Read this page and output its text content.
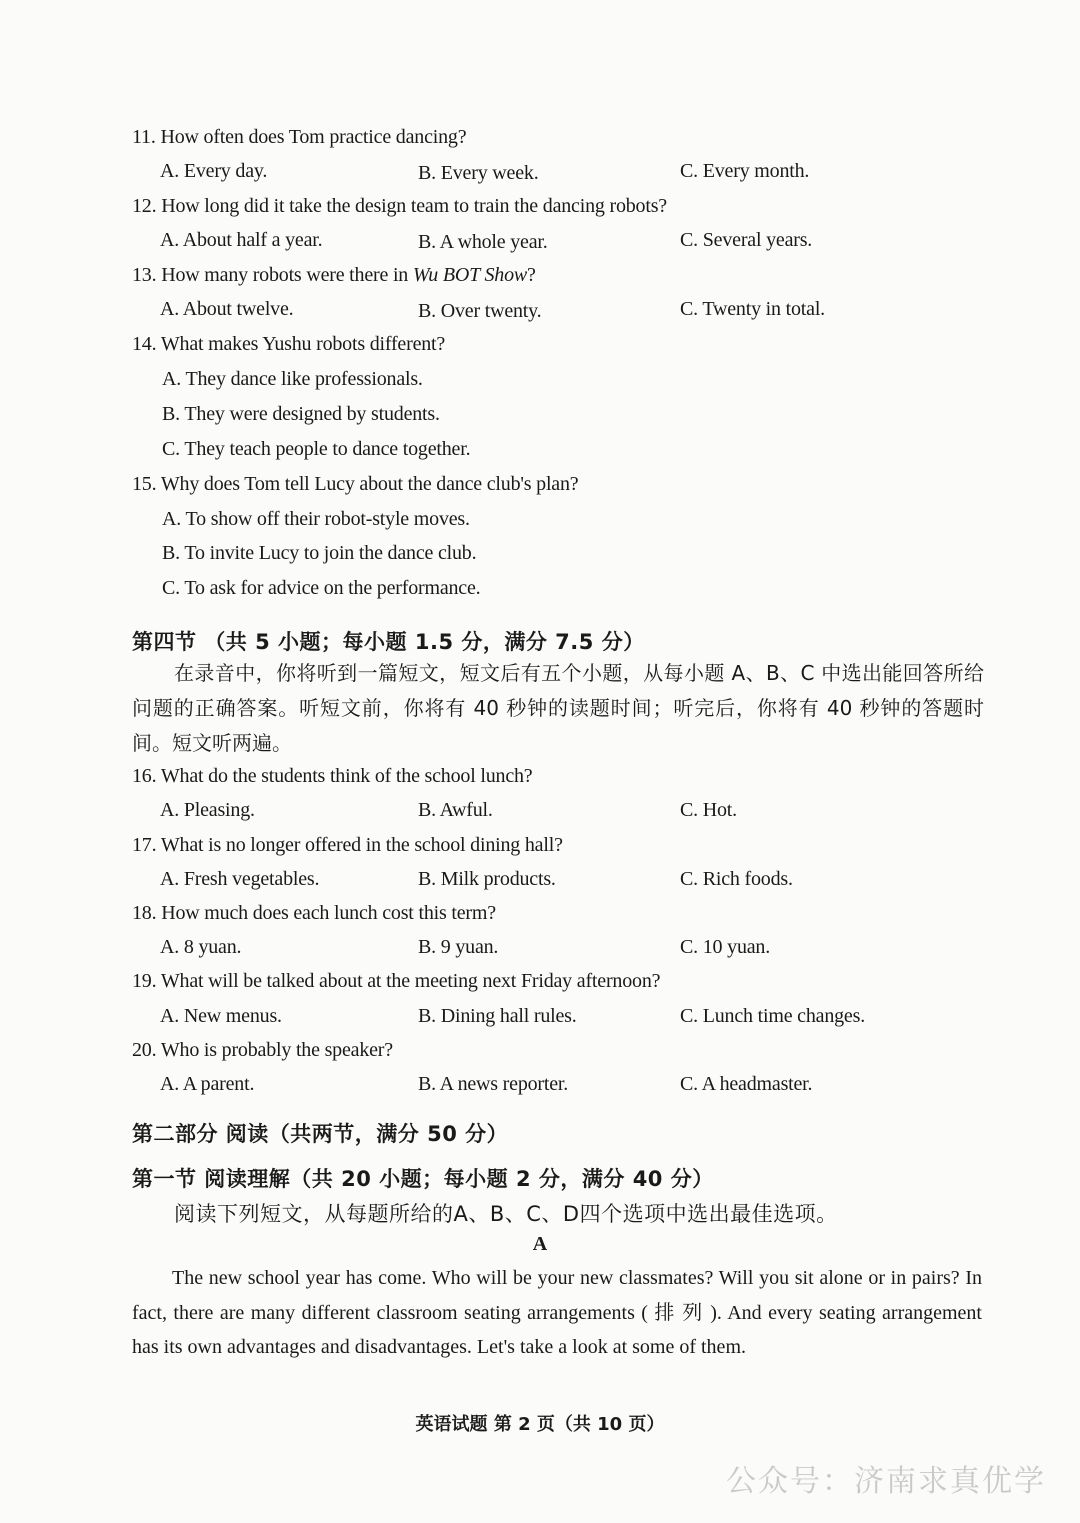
11. How often does Tom practice dancing?
A. Every day.	B. Every week.	C. Every month.
12. How long did it take the design team to train the dancing robots?
A. About half a year.	B. A whole year.	C. Several years.
13. How many robots were there in Wu BOT Show?
A. About twelve.	B. Over twenty.	C. Twenty in total.
14. What makes Yushu robots different?
A. They dance like professionals.
B. They were designed by students.
C. They teach people to dance together.
15. Why does Tom tell Lucy about the dance club's plan?
A. To show off their robot-style moves.
B. To invite Lucy to join the dance club.
C. To ask for advice on the performance.
第四节 （共 5 小题；每小题 1.5 分，满分 7.5 分）
在录音中，你将听到一篇短文，短文后有五个小题，从每小题 A、B、C 中选出能回答所给问题的正确答案。听短文前，你将有 40 秒钟的读题时间；听完后，你将有 40 秒钟的答题时间。短文听两遍。
16. What do the students think of the school lunch?
A. Pleasing.	B. Awful.	C. Hot.
17. What is no longer offered in the school dining hall?
A. Fresh vegetables.	B. Milk products.	C. Rich foods.
18. How much does each lunch cost this term?
A. 8 yuan.	B. 9 yuan.	C. 10 yuan.
19. What will be talked about at the meeting next Friday afternoon?
A. New menus.	B. Dining hall rules.	C. Lunch time changes.
20. Who is probably the speaker?
A. A parent.	B. A news reporter.	C. A headmaster.
第二部分 阅读（共两节，满分 50 分）
第一节 阅读理解（共 20 小题；每小题 2 分，满分 40 分）
阅读下列短文，从每题所给的A、B、C、D四个选项中选出最佳选项。
A
The new school year has come. Who will be your new classmates? Will you sit alone or in pairs? In fact, there are many different classroom seating arrangements ( 排 列 ). And every seating arrangement has its own advantages and disadvantages. Let's take a look at some of them.
英语试题 第 2 页（共 10 页）
公众号：济南求真优学
